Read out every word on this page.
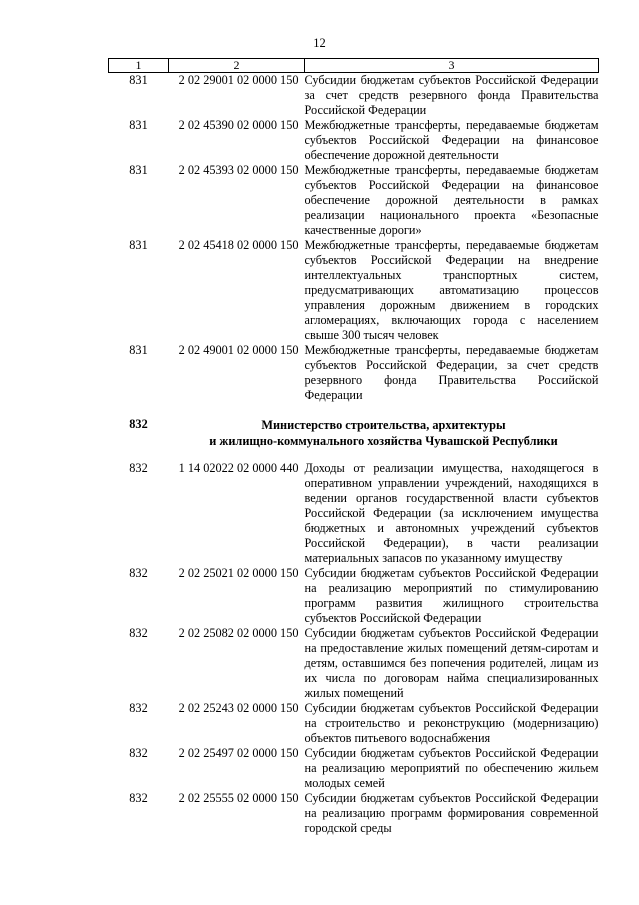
12
1	2	3
831	2 02 29001 02 0000 150	Субсидии бюджетам субъектов Российской Федерации за счет средств резервного фонда Правительства Российской Федерации
831	2 02 45390 02 0000 150	Межбюджетные трансферты, передаваемые бюджетам субъектов Российской Федерации на финансовое обеспечение дорожной деятельности
831	2 02 45393 02 0000 150	Межбюджетные трансферты, передаваемые бюджетам субъектов Российской Федерации на финансовое обеспечение дорожной деятельности в рамках реализации национального проекта «Безопасные качественные дороги»
831	2 02 45418 02 0000 150	Межбюджетные трансферты, передаваемые бюджетам субъектов Российской Федерации на внедрение интеллектуальных транспортных систем, предусматривающих автоматизацию процессов управления дорожным движением в городских агломерациях, включающих города с населением свыше 300 тысяч человек
831	2 02 49001 02 0000 150	Межбюджетные трансферты, передаваемые бюджетам субъектов Российской Федерации, за счет средств резервного фонда Правительства Российской Федерации
832	Министерство строительства, архитектуры
и жилищно-коммунального хозяйства Чувашской Республики	

832	1 14 02022 02 0000 440	Доходы от реализации имущества, находящегося в оперативном управлении учреждений, находящихся в ведении органов государственной власти субъектов Российской Федерации (за исключением имущества бюджетных и автономных учреждений субъектов Российской Федерации), в части реализации материальных запасов по указанному имуществу
832	2 02 25021 02 0000 150	Субсидии бюджетам субъектов Российской Федерации на реализацию мероприятий по стимулированию программ развития жилищного строительства субъектов Российской Федерации
832	2 02 25082 02 0000 150	Субсидии бюджетам субъектов Российской Федерации на предоставление жилых помещений детям-сиротам и детям, оставшимся без попечения родителей, лицам из их числа по договорам найма специализированных жилых помещений
832	2 02 25243 02 0000 150	Субсидии бюджетам субъектов Российской Федерации на строительство и реконструкцию (модернизацию) объектов питьевого водоснабжения
832	2 02 25497 02 0000 150	Субсидии бюджетам субъектов Российской Федерации на реализацию мероприятий по обеспечению жильем молодых семей
832	2 02 25555 02 0000 150	Субсидии бюджетам субъектов Российской Федерации на реализацию программ формирования современной городской среды
